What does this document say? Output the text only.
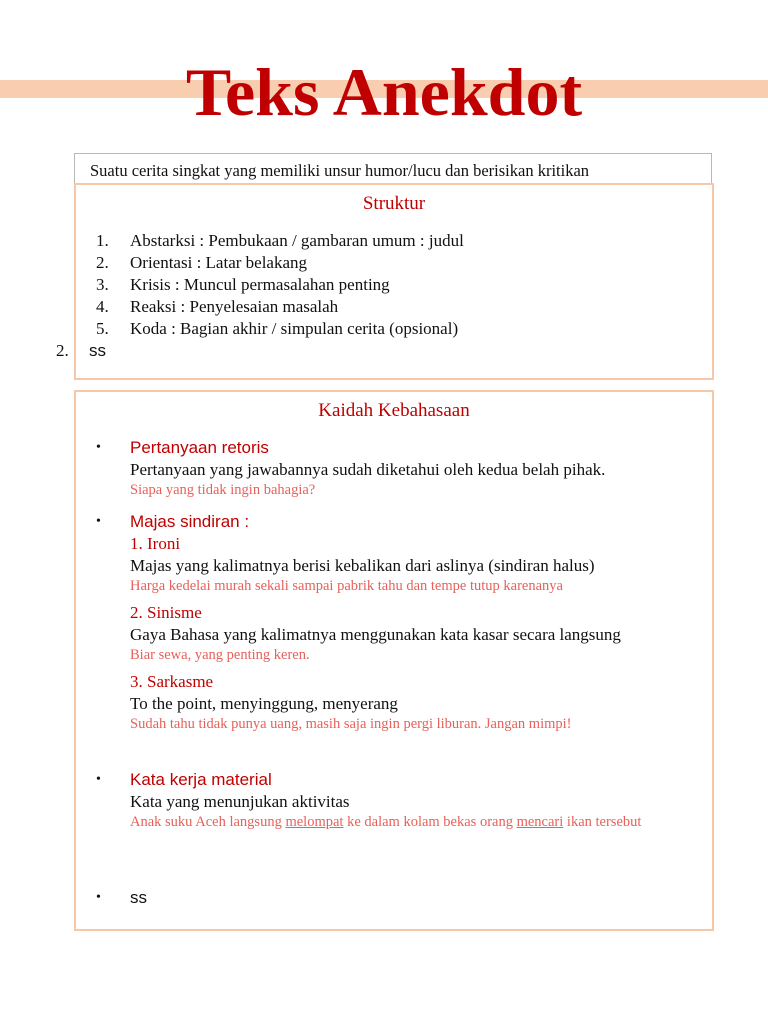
Teks Anekdot
Suatu cerita singkat yang memiliki unsur humor/lucu dan berisikan kritikan
Struktur
1.	Abstarksi : Pembukaan / gambaran umum : judul
2.	Orientasi : Latar belakang
3.	Krisis : Muncul permasalahan penting
4.	Reaksi : Penyelesaian masalah
5.	Koda : Bagian akhir / simpulan cerita (opsional)
2.	ss
Kaidah Kebahasaan
•	Pertanyaan retoris
Pertanyaan yang jawabannya sudah diketahui oleh kedua belah pihak.
Siapa yang tidak ingin bahagia?
•	Majas sindiran :
1. Ironi
Majas yang kalimatnya berisi kebalikan dari aslinya (sindiran halus)
Harga kedelai murah sekali sampai pabrik tahu dan tempe tutup karenanya
2. Sinisme
Gaya Bahasa yang kalimatnya menggunakan kata kasar secara langsung
Biar sewa, yang penting keren.
3. Sarkasme
To the point, menyinggung, menyerang
Sudah tahu tidak punya uang, masih saja ingin pergi liburan. Jangan mimpi!
•	Kata kerja material
Kata yang menunjukan aktivitas
Anak suku Aceh langsung melompat ke dalam kolam bekas orang mencari ikan tersebut
•	ss
